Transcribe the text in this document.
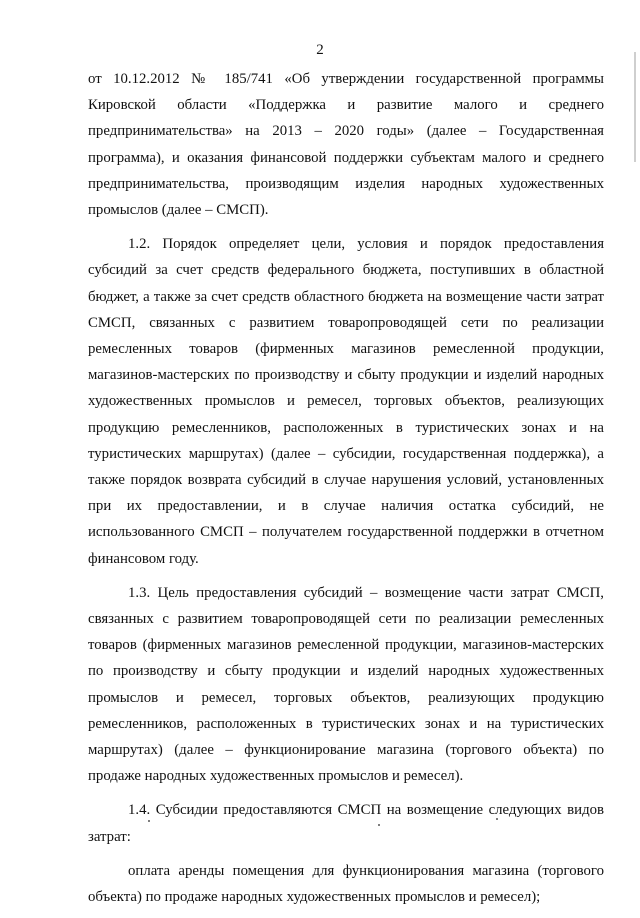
2

от 10.12.2012 № 185/741 «Об утверждении государственной программы Кировской области «Поддержка и развитие малого и среднего предпринимательства» на 2013 – 2020 годы» (далее – Государственная программа), и оказания финансовой поддержки субъектам малого и среднего предпринимательства, производящим изделия народных художественных промыслов (далее – СМСП).

1.2. Порядок определяет цели, условия и порядок предоставления субсидий за счет средств федерального бюджета, поступивших в областной бюджет, а также за счет средств областного бюджета на возмещение части затрат СМСП, связанных с развитием товаропроводящей сети по реализации ремесленных товаров (фирменных магазинов ремесленной продукции, магазинов-мастерских по производству и сбыту продукции и изделий народных художественных промыслов и ремесел, торговых объектов, реализующих продукцию ремесленников, расположенных в туристических зонах и на туристических маршрутах) (далее – субсидии, государственная поддержка), а также порядок возврата субсидий в случае нарушения условий, установленных при их предоставлении, и в случае наличия остатка субсидий, не использованного СМСП – получателем государственной поддержки в отчетном финансовом году.

1.3. Цель предоставления субсидий – возмещение части затрат СМСП, связанных с развитием товаропроводящей сети по реализации ремесленных товаров (фирменных магазинов ремесленной продукции, магазинов-мастерских по производству и сбыту продукции и изделий народных художественных промыслов и ремесел, торговых объектов, реализующих продукцию ремесленников, расположенных в туристических зонах и на туристических маршрутах) (далее – функционирование магазина (торгового объекта) по продаже народных художественных промыслов и ремесел).

1.4. Субсидии предоставляются СМСП на возмещение следующих видов затрат:

оплата аренды помещения для функционирования магазина (торгового объекта) по продаже народных художественных промыслов и ремесел);
